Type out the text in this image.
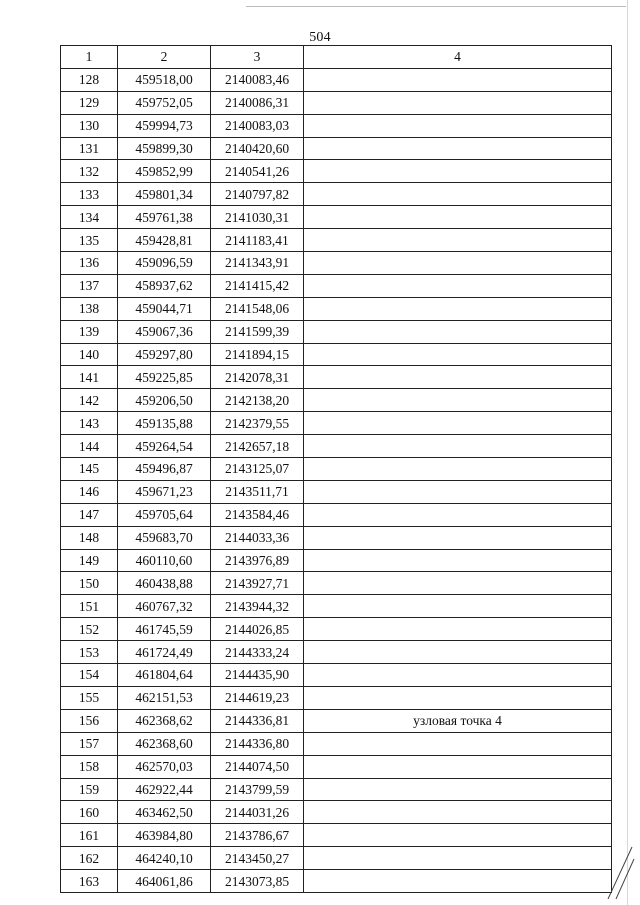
504
1	2	3	4
128	459518,00	2140083,46	
129	459752,05	2140086,31	
130	459994,73	2140083,03	
131	459899,30	2140420,60	
132	459852,99	2140541,26	
133	459801,34	2140797,82	
134	459761,38	2141030,31	
135	459428,81	2141183,41	
136	459096,59	2141343,91	
137	458937,62	2141415,42	
138	459044,71	2141548,06	
139	459067,36	2141599,39	
140	459297,80	2141894,15	
141	459225,85	2142078,31	
142	459206,50	2142138,20	
143	459135,88	2142379,55	
144	459264,54	2142657,18	
145	459496,87	2143125,07	
146	459671,23	2143511,71	
147	459705,64	2143584,46	
148	459683,70	2144033,36	
149	460110,60	2143976,89	
150	460438,88	2143927,71	
151	460767,32	2143944,32	
152	461745,59	2144026,85	
153	461724,49	2144333,24	
154	461804,64	2144435,90	
155	462151,53	2144619,23	
156	462368,62	2144336,81	узловая точка 4
157	462368,60	2144336,80	
158	462570,03	2144074,50	
159	462922,44	2143799,59	
160	463462,50	2144031,26	
161	463984,80	2143786,67	
162	464240,10	2143450,27	
163	464061,86	2143073,85	
